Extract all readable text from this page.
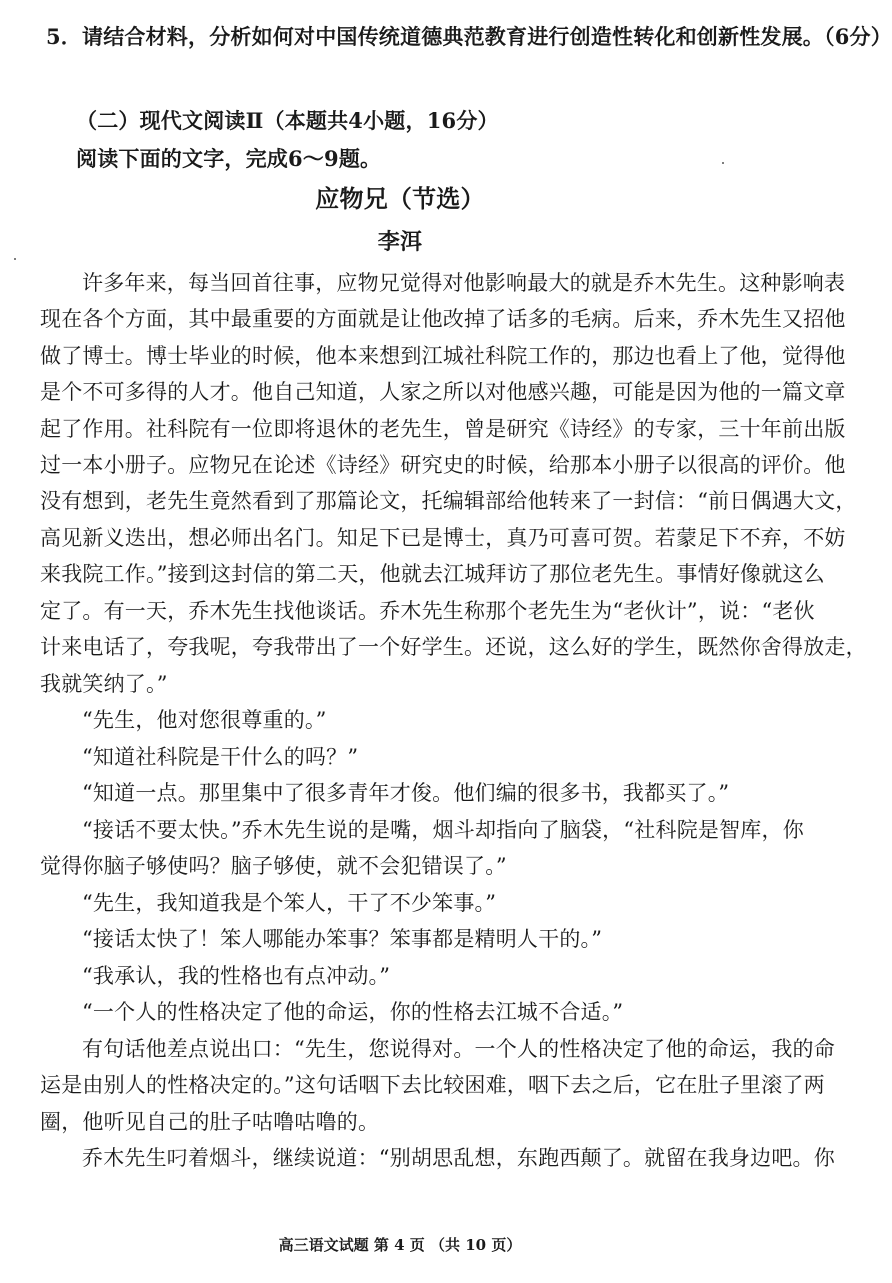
5．请结合材料，分析如何对中国传统道德典范教育进行创造性转化和创新性发展。（6分）
（二）现代文阅读Ⅱ（本题共4小题，16分）
阅读下面的文字，完成6～9题。
应物兄（节选）
李洱
许多年来，每当回首往事，应物兄觉得对他影响最大的就是乔木先生。这种影响表
现在各个方面，其中最重要的方面就是让他改掉了话多的毛病。后来，乔木先生又招他
做了博士。博士毕业的时候，他本来想到江城社科院工作的，那边也看上了他，觉得他
是个不可多得的人才。他自己知道，人家之所以对他感兴趣，可能是因为他的一篇文章
起了作用。社科院有一位即将退休的老先生，曾是研究《诗经》的专家，三十年前出版
过一本小册子。应物兄在论述《诗经》研究史的时候，给那本小册子以很高的评价。他
没有想到，老先生竟然看到了那篇论文，托编辑部给他转来了一封信：“前日偶遇大文，
高见新义迭出，想必师出名门。知足下已是博士，真乃可喜可贺。若蒙足下不弃，不妨
来我院工作。”接到这封信的第二天，他就去江城拜访了那位老先生。事情好像就这么
定了。有一天，乔木先生找他谈话。乔木先生称那个老先生为“老伙计”，说：“老伙
计来电话了，夸我呢，夸我带出了一个好学生。还说，这么好的学生，既然你舍得放走，
我就笑纳了。”
“先生，他对您很尊重的。”
“知道社科院是干什么的吗？”
“知道一点。那里集中了很多青年才俊。他们编的很多书，我都买了。”
“接话不要太快。”乔木先生说的是嘴，烟斗却指向了脑袋，“社科院是智库，你
觉得你脑子够使吗？脑子够使，就不会犯错误了。”
“先生，我知道我是个笨人，干了不少笨事。”
“接话太快了！笨人哪能办笨事？笨事都是精明人干的。”
“我承认，我的性格也有点冲动。”
“一个人的性格决定了他的命运，你的性格去江城不合适。”
有句话他差点说出口：“先生，您说得对。一个人的性格决定了他的命运，我的命
运是由别人的性格决定的。”这句话咽下去比较困难，咽下去之后，它在肚子里滚了两
圈，他听见自己的肚子咕噜咕噜的。
乔木先生叼着烟斗，继续说道：“别胡思乱想，东跑西颠了。就留在我身边吧。你
高三语文试题 第 4 页 （共 10 页）
